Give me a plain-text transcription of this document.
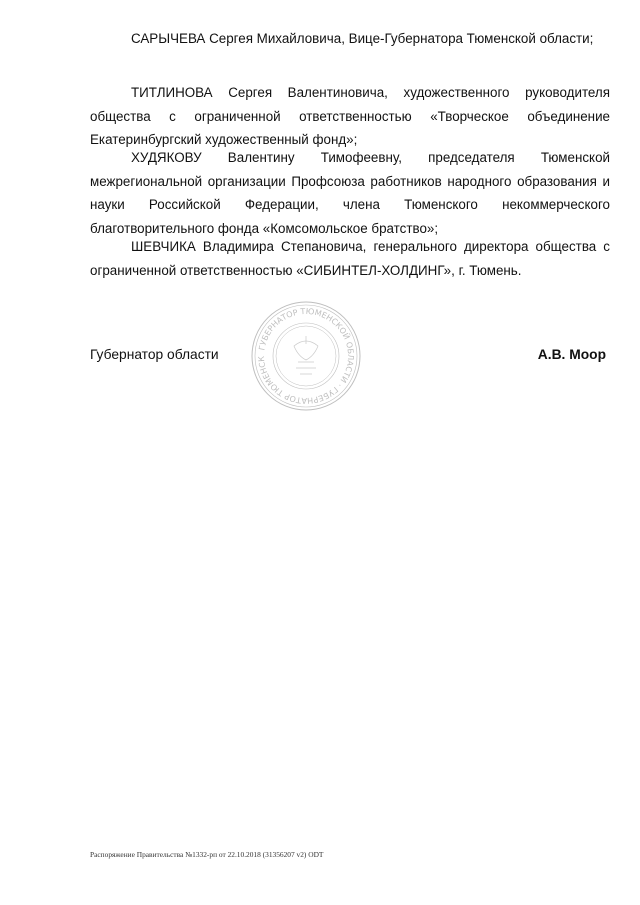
САРЫЧЕВА Сергея Михайловича, Вице-Губернатора Тюменской области;

ТИТЛИНОВА Сергея Валентиновича, художественного руководителя общества с ограниченной ответственностью «Творческое объединение Екатеринбургский художественный фонд»;

ХУДЯКОВУ Валентину Тимофеевну, председателя Тюменской межрегиональной организации Профсоюза работников народного образования и науки Российской Федерации, члена Тюменского некоммерческого благотворительного фонда «Комсомольское братство»;

ШЕВЧИКА Владимира Степановича, генерального директора общества с ограниченной ответственностью «СИБИНТЕЛ-ХОЛДИНГ», г. Тюмень.

ГУБЕРНАТОР ТЮМЕНСКОЙ ОБЛАСТИ · ГУБЕРНАТОР ТЮМЕНСК
Губернатор области	А.В. Моор
Распоряжение Правительства №1332-рп от 22.10.2018 (31356207 v2) ODT
